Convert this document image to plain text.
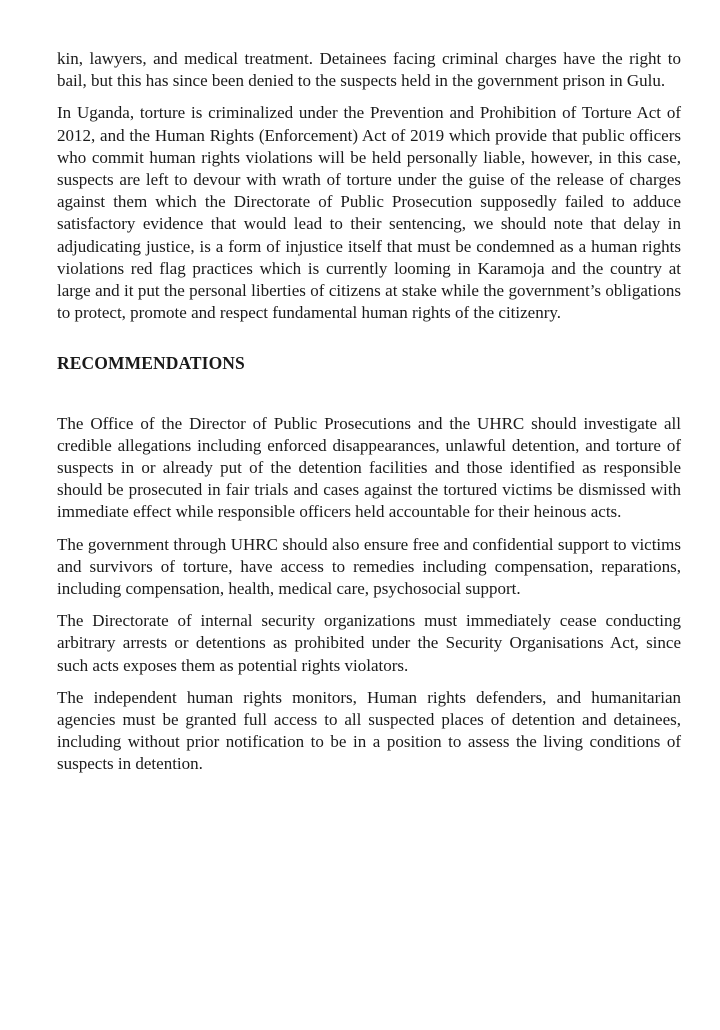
kin, lawyers, and medical treatment. Detainees facing criminal charges have the right to bail, but this has since been denied to the suspects held in the government prison in Gulu.

In Uganda, torture is criminalized under the Prevention and Prohibition of Torture Act of 2012, and the Human Rights (Enforcement) Act of 2019 which provide that public officers who commit human rights violations will be held personally liable, however, in this case, suspects are left to devour with wrath of torture under the guise of the release of charges against them which the Directorate of Public Prosecution supposedly failed to adduce satisfactory evidence that would lead to their sentencing, we should note that delay in adjudicating justice, is a form of injustice itself that must be condemned as a human rights violations red flag practices which is currently looming in Karamoja and the country at large and it put the personal liberties of citizens at stake while the government’s obligations to protect, promote and respect fundamental human rights of the citizenry.

RECOMMENDATIONS

The Office of the Director of Public Prosecutions and the UHRC should investigate all credible allegations including enforced disappearances, unlawful detention, and torture of suspects in or already put of the detention facilities and those identified as responsible should be prosecuted in fair trials and cases against the tortured victims be dismissed with immediate effect while responsible officers held accountable for their heinous acts.

The government through UHRC should also ensure free and confidential support to victims and survivors of torture, have access to remedies including compensation, reparations, including compensation, health, medical care, psychosocial support.

The Directorate of internal security organizations must immediately cease conducting arbitrary arrests or detentions as prohibited under the Security Organisations Act, since such acts exposes them as potential rights violators.

The independent human rights monitors, Human rights defenders, and humanitarian agencies must be granted full access to all suspected places of detention and detainees, including without prior notification to be in a position to assess the living conditions of suspects in detention.
